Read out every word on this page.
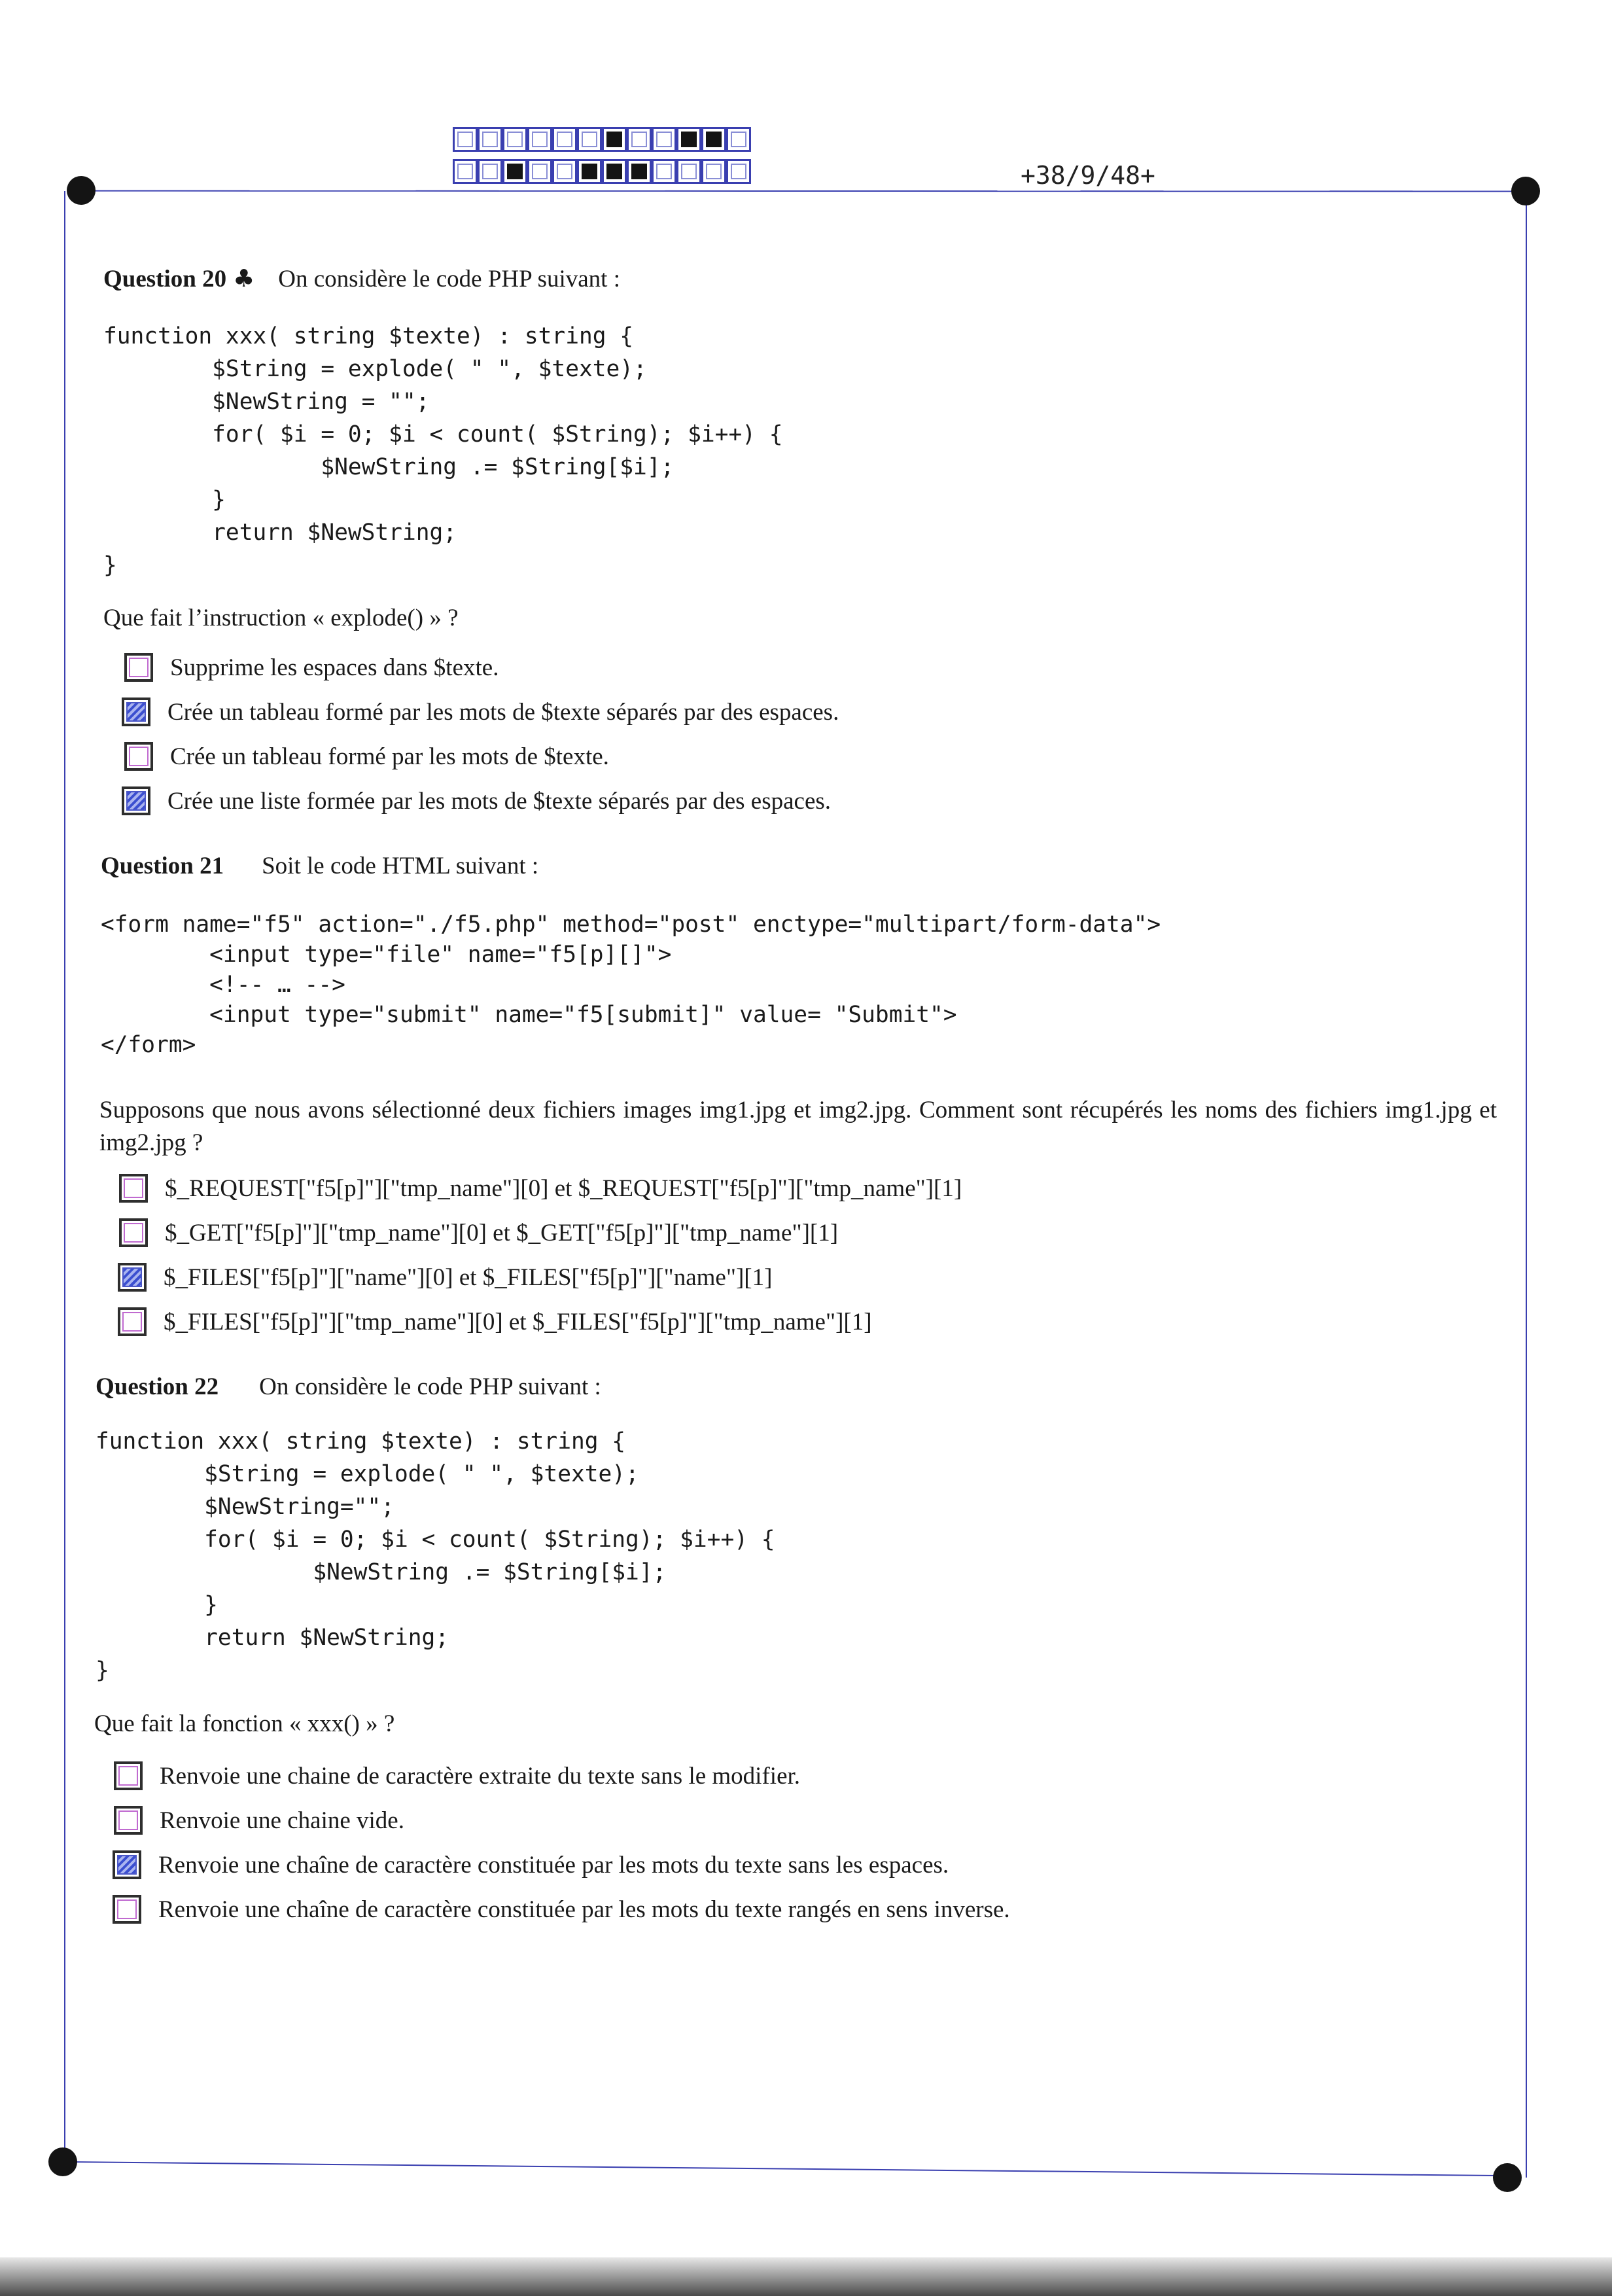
+38/9/48+
Question 20 ♣ On considère le code PHP suivant :
function xxx( string $texte) : string {
$String = explode( " ", $texte);
$NewString = "";
for( $i = 0; $i < count( $String); $i++) {
$NewString .= $String[$i];
}
return $NewString;
}
Que fait l’instruction « explode() » ?
Supprime les espaces dans $texte.
Crée un tableau formé par les mots de $texte séparés par des espaces.
Crée un tableau formé par les mots de $texte.
Crée une liste formée par les mots de $texte séparés par des espaces.
Question 21 Soit le code HTML suivant :
<form name="f5" action="./f5.php" method="post" enctype="multipart/form-data">
<input type="file" name="f5[p][]">
<!-- … -->
<input type="submit" name="f5[submit]" value= "Submit">
</form>
Supposons que nous avons sélectionné deux fichiers images img1.jpg et img2.jpg. Comment sont récupérés les noms des fichiers img1.jpg et img2.jpg ?
$_REQUEST["f5[p]"]["tmp_name"][0] et $_REQUEST["f5[p]"]["tmp_name"][1]
$_GET["f5[p]"]["tmp_name"][0] et $_GET["f5[p]"]["tmp_name"][1]
$_FILES["f5[p]"]["name"][0] et $_FILES["f5[p]"]["name"][1]
$_FILES["f5[p]"]["tmp_name"][0] et $_FILES["f5[p]"]["tmp_name"][1]
Question 22 On considère le code PHP suivant :
function xxx( string $texte) : string {
$String = explode( " ", $texte);
$NewString="";
for( $i = 0; $i < count( $String); $i++) {
$NewString .= $String[$i];
}
return $NewString;
}
Que fait la fonction « xxx() » ?
Renvoie une chaine de caractère extraite du texte sans le modifier.
Renvoie une chaine vide.
Renvoie une chaîne de caractère constituée par les mots du texte sans les espaces.
Renvoie une chaîne de caractère constituée par les mots du texte rangés en sens inverse.
